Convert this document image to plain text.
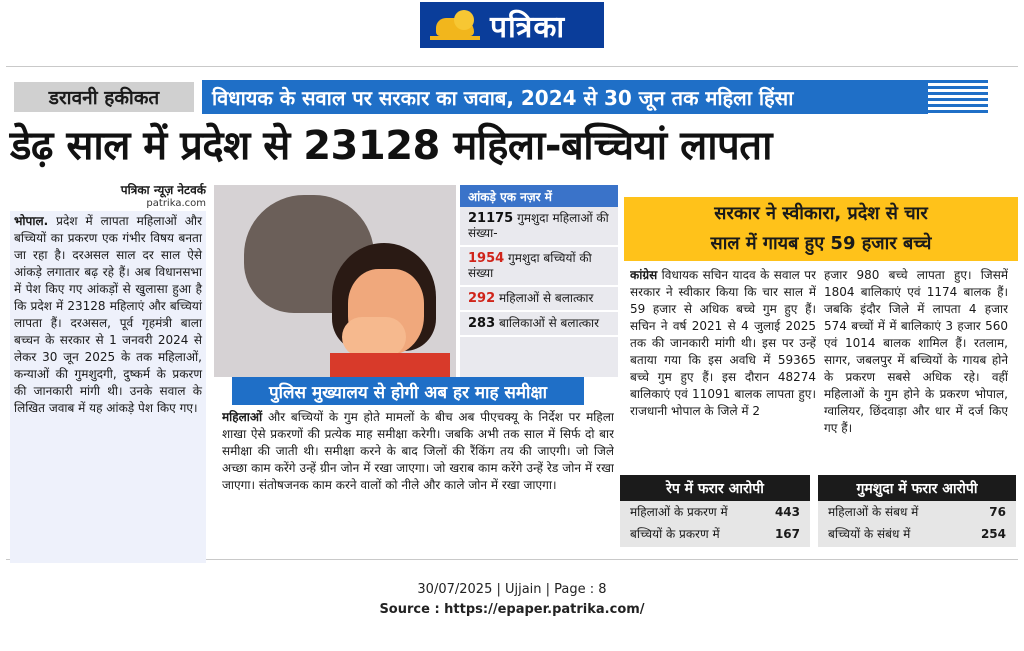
पत्रिका
डरावनी हकीकत	विधायक के सवाल पर सरकार का जवाब, 2024 से 30 जून तक महिला हिंसा
डेढ़ साल में प्रदेश से 23128 महिला-बच्चियां लापता
पत्रिका न्यूज़ नेटवर्क
patrika.com
भोपाल. प्रदेश में लापता महिलाओं और बच्चियों का प्रकरण एक गंभीर विषय बनता जा रहा है। दरअसल साल दर साल ऐसे आंकड़े लगातार बढ़ रहे हैं। अब विधानसभा में पेश किए गए आंकड़ों से खुलासा हुआ है कि प्रदेश में 23128 महिलाएं और बच्चियां लापता हैं। दरअसल, पूर्व गृहमंत्री बाला बच्चन के सरकार से 1 जनवरी 2024 से लेकर 30 जून 2025 के तक महिलाओं, कन्याओं की गुमशुदगी, दुष्कर्म के प्रकरण की जानकारी मांगी थी। उनके सवाल के लिखित जवाब में यह आंकड़े पेश किए गए।
आंकड़े एक नज़र में
21175 गुमशुदा महिलाओं की संख्या-
1954 गुमशुदा बच्चियों की संख्या
292 महिलाओं से बलात्कार
283 बालिकाओं से बलात्कार
पुलिस मुख्यालय से होगी अब हर माह समीक्षा
महिलाओं और बच्चियों के गुम होते मामलों के बीच अब पीएचक्यू के निर्देश पर महिला शाखा ऐसे प्रकरणों की प्रत्येक माह समीक्षा करेगी। जबकि अभी तक साल में सिर्फ दो बार समीक्षा की जाती थी। समीक्षा करने के बाद जिलों की रैंकिंग तय की जाएगी। जो जिले अच्छा काम करेंगे उन्हें ग्रीन जोन में रखा जाएगा। जो खराब काम करेंगे उन्हें रेड जोन में रखा जाएगा। संतोषजनक काम करने वालों को नीले और काले जोन में रखा जाएगा।
सरकार ने स्वीकारा, प्रदेश से चार
साल में गायब हुए 59 हजार बच्चे
कांग्रेस विधायक सचिन यादव के सवाल पर सरकार ने स्वीकार किया कि चार साल में 59 हजार से अधिक बच्चे गुम हुए हैं। सचिन ने वर्ष 2021 से 4 जुलाई 2025 तक की जानकारी मांगी थी। इस पर उन्हें बताया गया कि इस अवधि में 59365 बच्चे गुम हुए हैं। इस दौरान 48274 बालिकाएं एवं 11091 बालक लापता हुए। राजधानी भोपाल के जिले में 2
हजार 980 बच्चे लापता हुए। जिसमें 1804 बालिकाएं एवं 1174 बालक हैं। जबकि इंदौर जिले में लापता 4 हजार 574 बच्चों में में बालिकाएं 3 हजार 560 एवं 1014 बालक शामिल हैं। रतलाम, सागर, जबलपुर में बच्चियों के गायब होने के प्रकरण सबसे अधिक रहे। वहीं महिलाओं के गुम होने के प्रकरण भोपाल, ग्वालियर, छिंदवाड़ा और धार में दर्ज किए गए हैं।
रेप में फरार आरोपी
महिलाओं के प्रकरण में	443
बच्चियों के प्रकरण में	167
गुमशुदा में फरार आरोपी
महिलाओं के संबध में	76
बच्चियों के संबंध में	254
30/07/2025 | Ujjain | Page : 8
Source : https://epaper.patrika.com/
